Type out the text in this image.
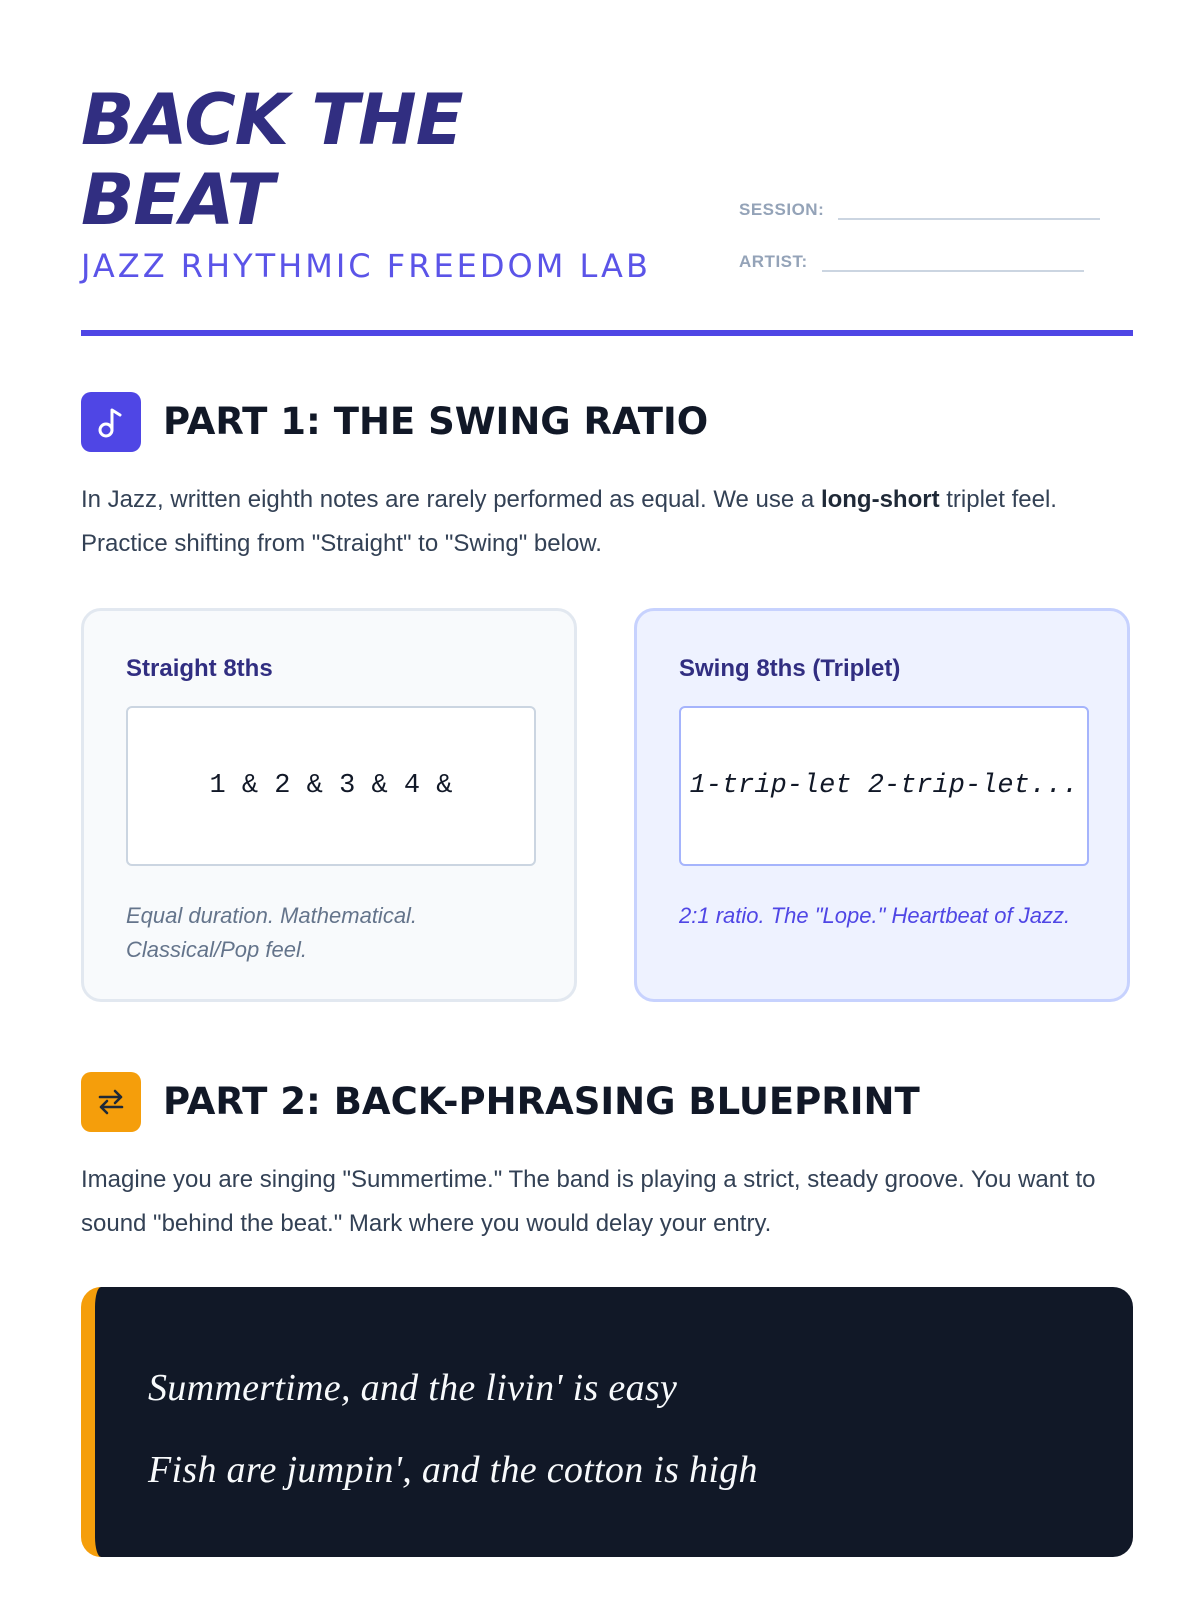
BACK THE
BEAT
JAZZ RHYTHMIC FREEDOM LAB
SESSION:
ARTIST:
PART 1: THE SWING RATIO

In Jazz, written eighth notes are rarely performed as equal. We use a long-short triplet feel. Practice shifting from "Straight" to "Swing" below.

Straight 8ths
1 & 2 & 3 & 4 &
Equal duration. Mathematical. Classical/Pop feel.
Swing 8ths (Triplet)
1-trip-let 2-trip-let...
2:1 ratio. The "Lope." Heartbeat of Jazz.
PART 2: BACK-PHRASING BLUEPRINT

Imagine you are singing "Summertime." The band is playing a strict, steady groove. You want to sound "behind the beat." Mark where you would delay your entry.

Summertime, and the livin' is easy
Fish are jumpin', and the cotton is high
